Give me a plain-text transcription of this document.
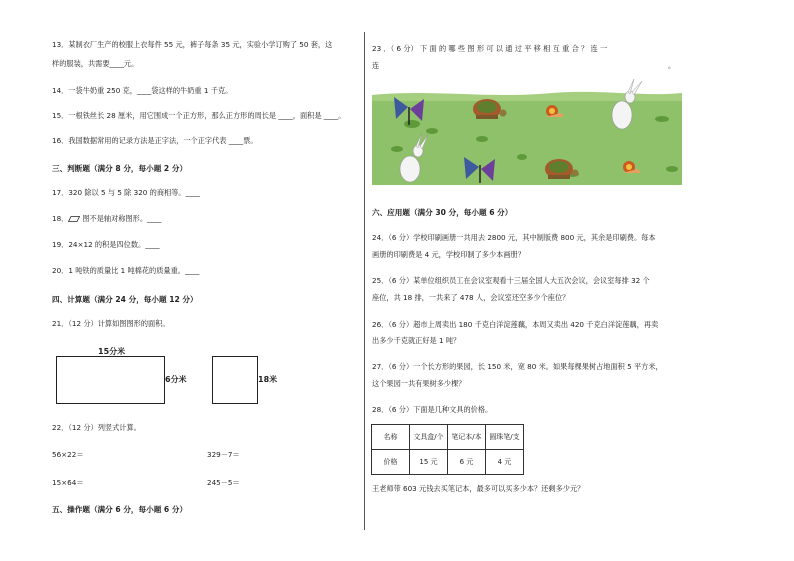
13．某制衣厂生产的校服上衣每件 55 元，裤子每条 35 元，实验小学订购了 50 套，这
样的服装，共需要____元。
14．一袋牛奶重 250 克，____袋这样的牛奶重 1 千克。
15．一根铁丝长 28 厘米，用它围成一个正方形，那么正方形的周长是 ____，面积是 ____。
16．我国数据常用的记录方法是正字法，一个正字代表 ____票。
三、判断题（满分 8 分，每小题 2 分）
17．320 除以 5 与 5 除 320 的商相等。____
18． 图不是轴对称图形。____
19．24×12 的积是四位数。____
20．1 吨铁的质量比 1 吨棉花的质量重。____
四、计算题（满分 24 分，每小题 12 分）
21．（12 分）计算如图图形的面积。
15分米
6分米	18米
22．（12 分）列竖式计算。
56×22＝	329－7＝
15×64＝	245－5＝
五、操作题（满分 6 分，每小题 6 分）
23 ．（ 6 分） 下 面 的 哪 些 图 形 可 以 通 过 平 移 相 互 重 合 ？ 连 一
连	。
六、应用题（满分 30 分，每小题 6 分）
24．（6 分）学校印刷画册一共用去 2800 元，其中制版费 800 元，其余是印刷费。每本
画册的印刷费是 4 元，学校印制了多少本画册？
25．（6 分）某单位组织员工在会议室观看十三届全国人大五次会议，会议室每排 32 个
座位，共 18 排，一共来了 478 人，会议室还空多少个座位？
26．（6 分）超市上周卖出 180 千克白洋淀莲藕，本周又卖出 420 千克白洋淀莲藕，再卖
出多少千克就正好是 1 吨？
27．（6 分）一个长方形的果园，长 150 米，宽 80 米。如果每棵果树占地面积 5 平方米，
这个果园一共有果树多少棵？
28．（6 分）下面是几种文具的价格。
名称	文具盒/个	笔记本/本	圆珠笔/支
价格	15 元	6 元	4 元
王老师带 603 元钱去买笔记本，最多可以买多少本？还剩多少元？
